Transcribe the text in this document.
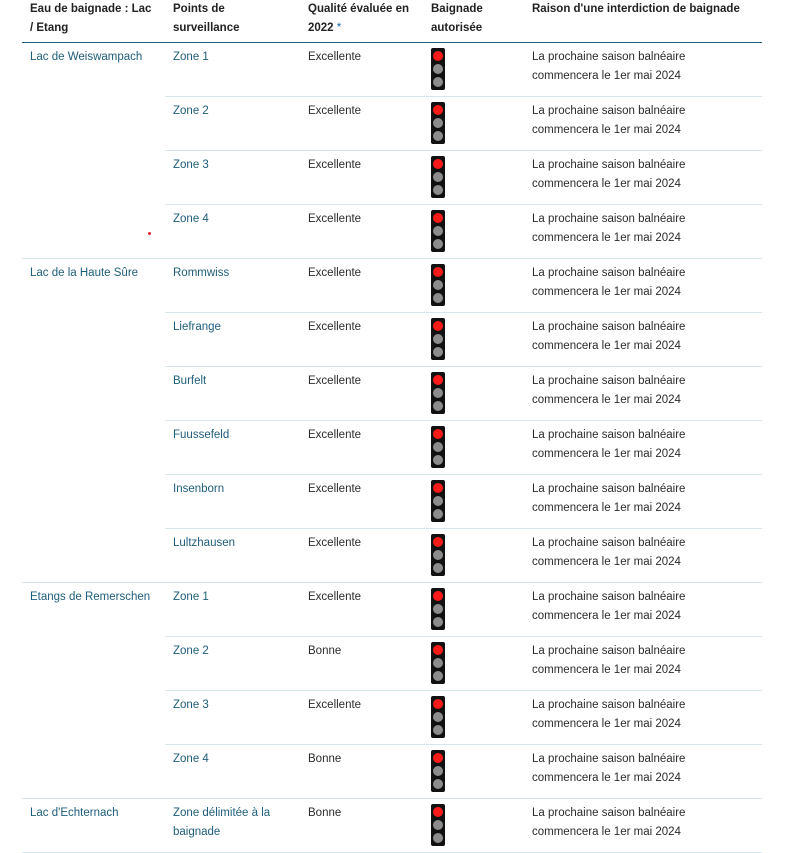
Eau de baignade : Lac / Etang	Points de surveillance	Qualité évaluée en 2022 *	Baignade autorisée	Raison d'une interdiction de baignade
Lac de Weiswampach	Zone 1	Excellente		La prochaine saison balnéaire commencera le 1er mai 2024
	Zone 2	Excellente		La prochaine saison balnéaire commencera le 1er mai 2024
	Zone 3	Excellente		La prochaine saison balnéaire commencera le 1er mai 2024
	Zone 4	Excellente		La prochaine saison balnéaire commencera le 1er mai 2024
Lac de la Haute Sûre	Rommwiss	Excellente		La prochaine saison balnéaire commencera le 1er mai 2024
	Liefrange	Excellente		La prochaine saison balnéaire commencera le 1er mai 2024
	Burfelt	Excellente		La prochaine saison balnéaire commencera le 1er mai 2024
	Fuussefeld	Excellente		La prochaine saison balnéaire commencera le 1er mai 2024
	Insenborn	Excellente		La prochaine saison balnéaire commencera le 1er mai 2024
	Lultzhausen	Excellente		La prochaine saison balnéaire commencera le 1er mai 2024
Etangs de Remerschen	Zone 1	Excellente		La prochaine saison balnéaire commencera le 1er mai 2024
	Zone 2	Bonne		La prochaine saison balnéaire commencera le 1er mai 2024
	Zone 3	Excellente		La prochaine saison balnéaire commencera le 1er mai 2024
	Zone 4	Bonne		La prochaine saison balnéaire commencera le 1er mai 2024
Lac d'Echternach	Zone délimitée à la baignade	Bonne		La prochaine saison balnéaire commencera le 1er mai 2024
